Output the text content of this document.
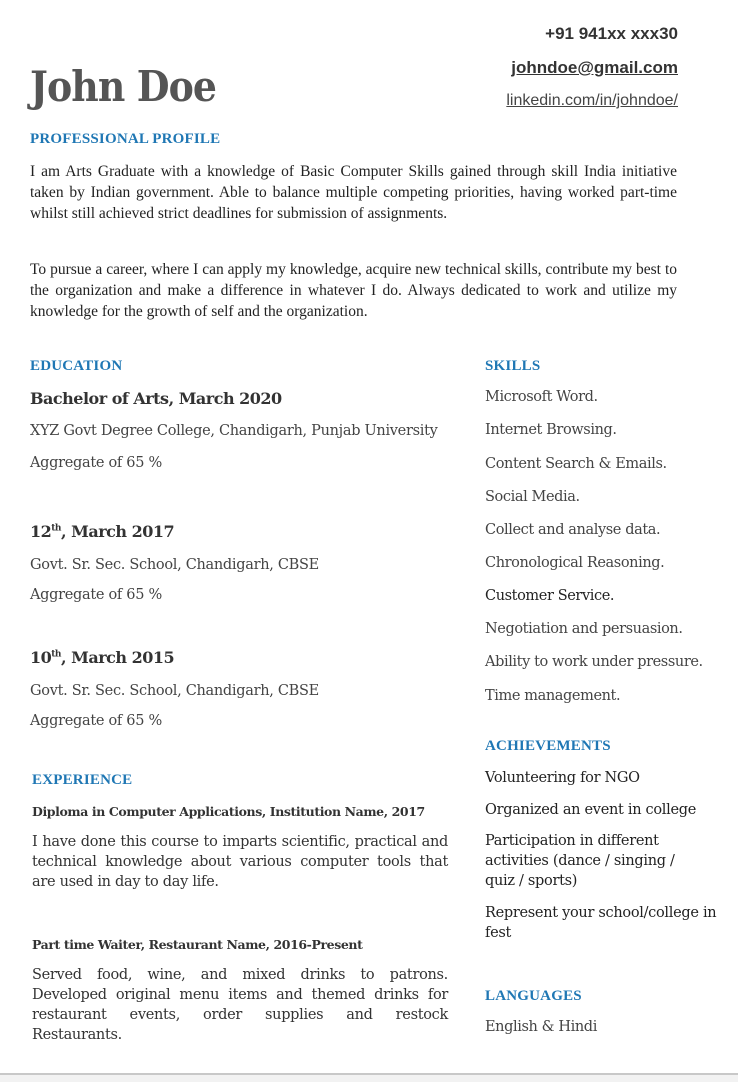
John Doe
+91 941xx xxx30
johndoe@gmail.com
linkedin.com/in/johndoe/
PROFESSIONAL PROFILE
I am Arts Graduate with a knowledge of Basic Computer Skills gained through skill India initiative taken by Indian government. Able to balance multiple competing priorities, having worked part-time whilst still achieved strict deadlines for submission of assignments.
To pursue a career, where I can apply my knowledge, acquire new technical skills, contribute my best to the organization and make a difference in whatever I do. Always dedicated to work and utilize my knowledge for the growth of self and the organization.
EDUCATION
Bachelor of Arts, March 2020
XYZ Govt Degree College, Chandigarh, Punjab University
Aggregate of 65 %
12th, March 2017
Govt. Sr. Sec. School, Chandigarh, CBSE
Aggregate of 65 %
10th, March 2015
Govt. Sr. Sec. School, Chandigarh, CBSE
Aggregate of 65 %
EXPERIENCE
Diploma in Computer Applications, Institution Name, 2017
I have done this course to imparts scientific, practical and technical knowledge about various computer tools that are used in day to day life.
Part time Waiter, Restaurant Name, 2016-Present
Served food, wine, and mixed drinks to patrons. Developed original menu items and themed drinks for restaurant events, order supplies and restock Restaurants.
SKILLS
Microsoft Word.
Internet Browsing.
Content Search & Emails.
Social Media.
Collect and analyse data.
Chronological Reasoning.
Customer Service.
Negotiation and persuasion.
Ability to work under pressure.
Time management.
ACHIEVEMENTS
Volunteering for NGO
Organized an event in college
Participation in different activities (dance / singing / quiz / sports)
Represent your school/college in fest
LANGUAGES
English & Hindi
